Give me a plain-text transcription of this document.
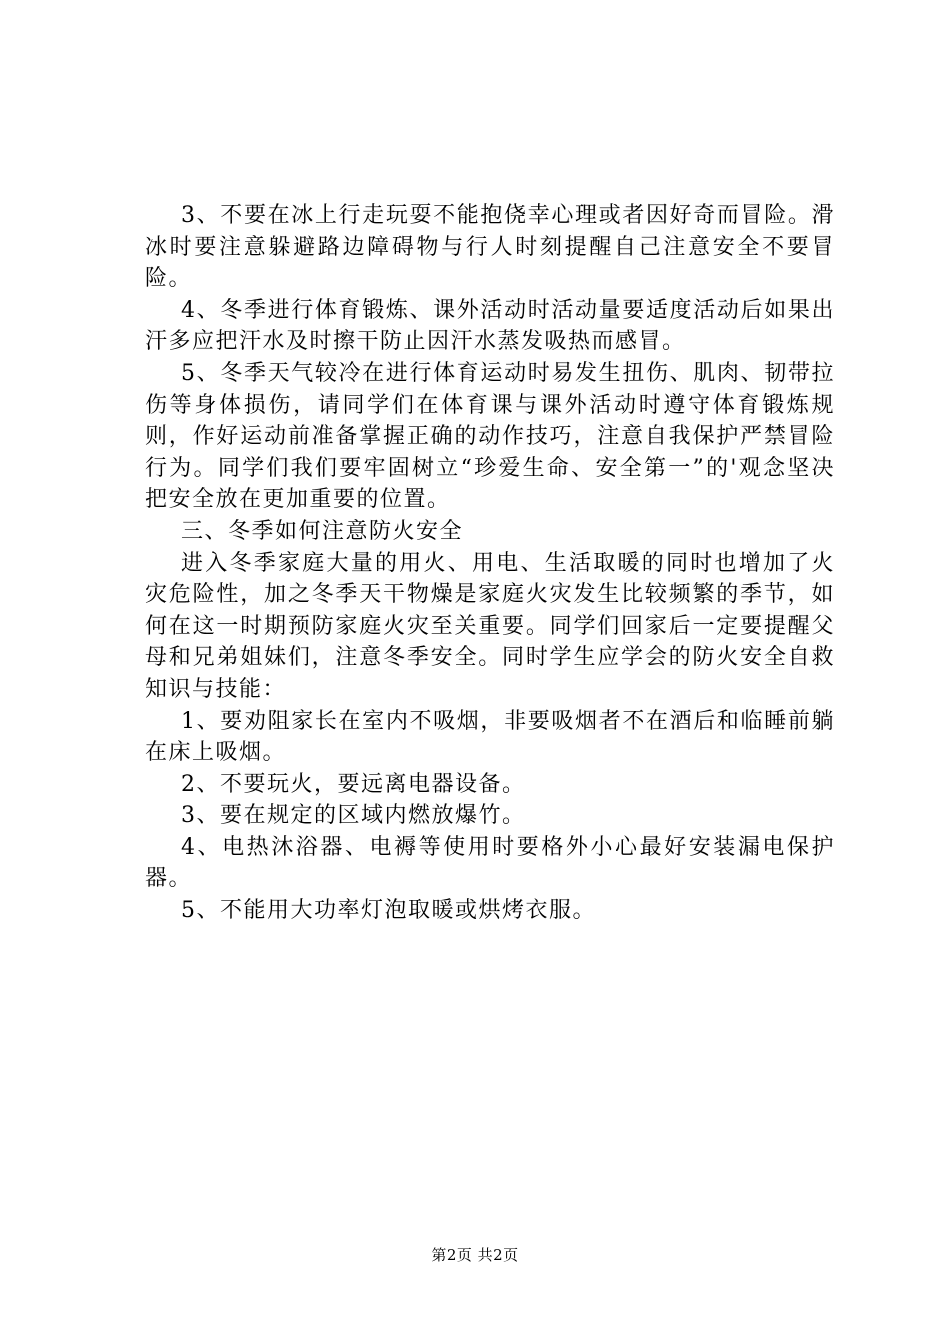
3、不要在冰上行走玩耍不能抱侥幸心理或者因好奇而冒险。滑冰时要注意躲避路边障碍物与行人时刻提醒自己注意安全不要冒险。

4、冬季进行体育锻炼、课外活动时活动量要适度活动后如果出汗多应把汗水及时擦干防止因汗水蒸发吸热而感冒。

5、冬季天气较冷在进行体育运动时易发生扭伤、肌肉、韧带拉伤等身体损伤，请同学们在体育课与课外活动时遵守体育锻炼规则，作好运动前准备掌握正确的动作技巧，注意自我保护严禁冒险行为。同学们我们要牢固树立“珍爱生命、安全第一”的'观念坚决把安全放在更加重要的位置。

三、冬季如何注意防火安全

进入冬季家庭大量的用火、用电、生活取暖的同时也增加了火灾危险性，加之冬季天干物燥是家庭火灾发生比较频繁的季节，如何在这一时期预防家庭火灾至关重要。同学们回家后一定要提醒父母和兄弟姐妹们，注意冬季安全。同时学生应学会的防火安全自救知识与技能：

1、要劝阻家长在室内不吸烟，非要吸烟者不在酒后和临睡前躺在床上吸烟。

2、不要玩火，要远离电器设备。

3、要在规定的区域内燃放爆竹。

4、电热沐浴器、电褥等使用时要格外小心最好安装漏电保护器。

5、不能用大功率灯泡取暖或烘烤衣服。

第2页 共2页
